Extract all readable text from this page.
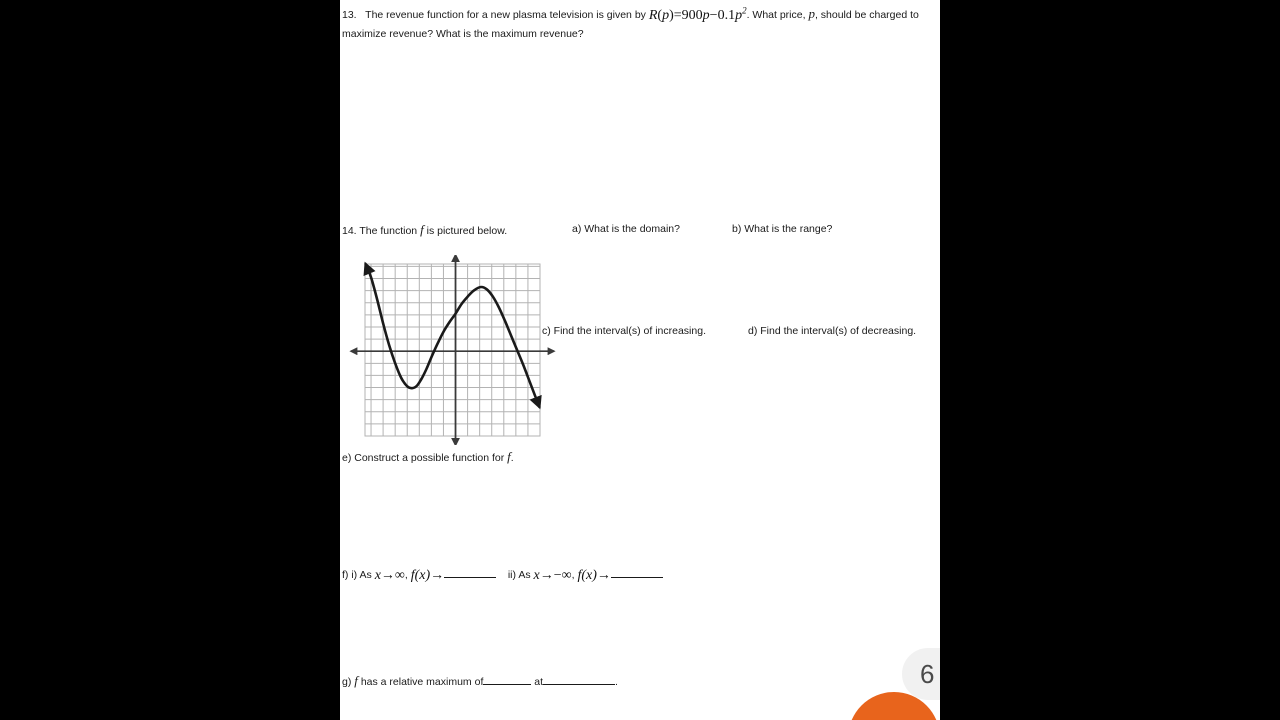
13. The revenue function for a new plasma television is given by $R(p)=900p-0.1p^2$. What price, p, should be charged to maximize revenue? What is the maximum revenue?
14. The function f is pictured below.	a) What is the domain?	b) What is the range?
c) Find the interval(s) of increasing.	d) Find the interval(s) of decreasing.
e) Construct a possible function for f.
f) i) As x→∞, f(x)→	ii) As x→−∞, f(x)→
g) f has a relative maximum of	at	.	6
